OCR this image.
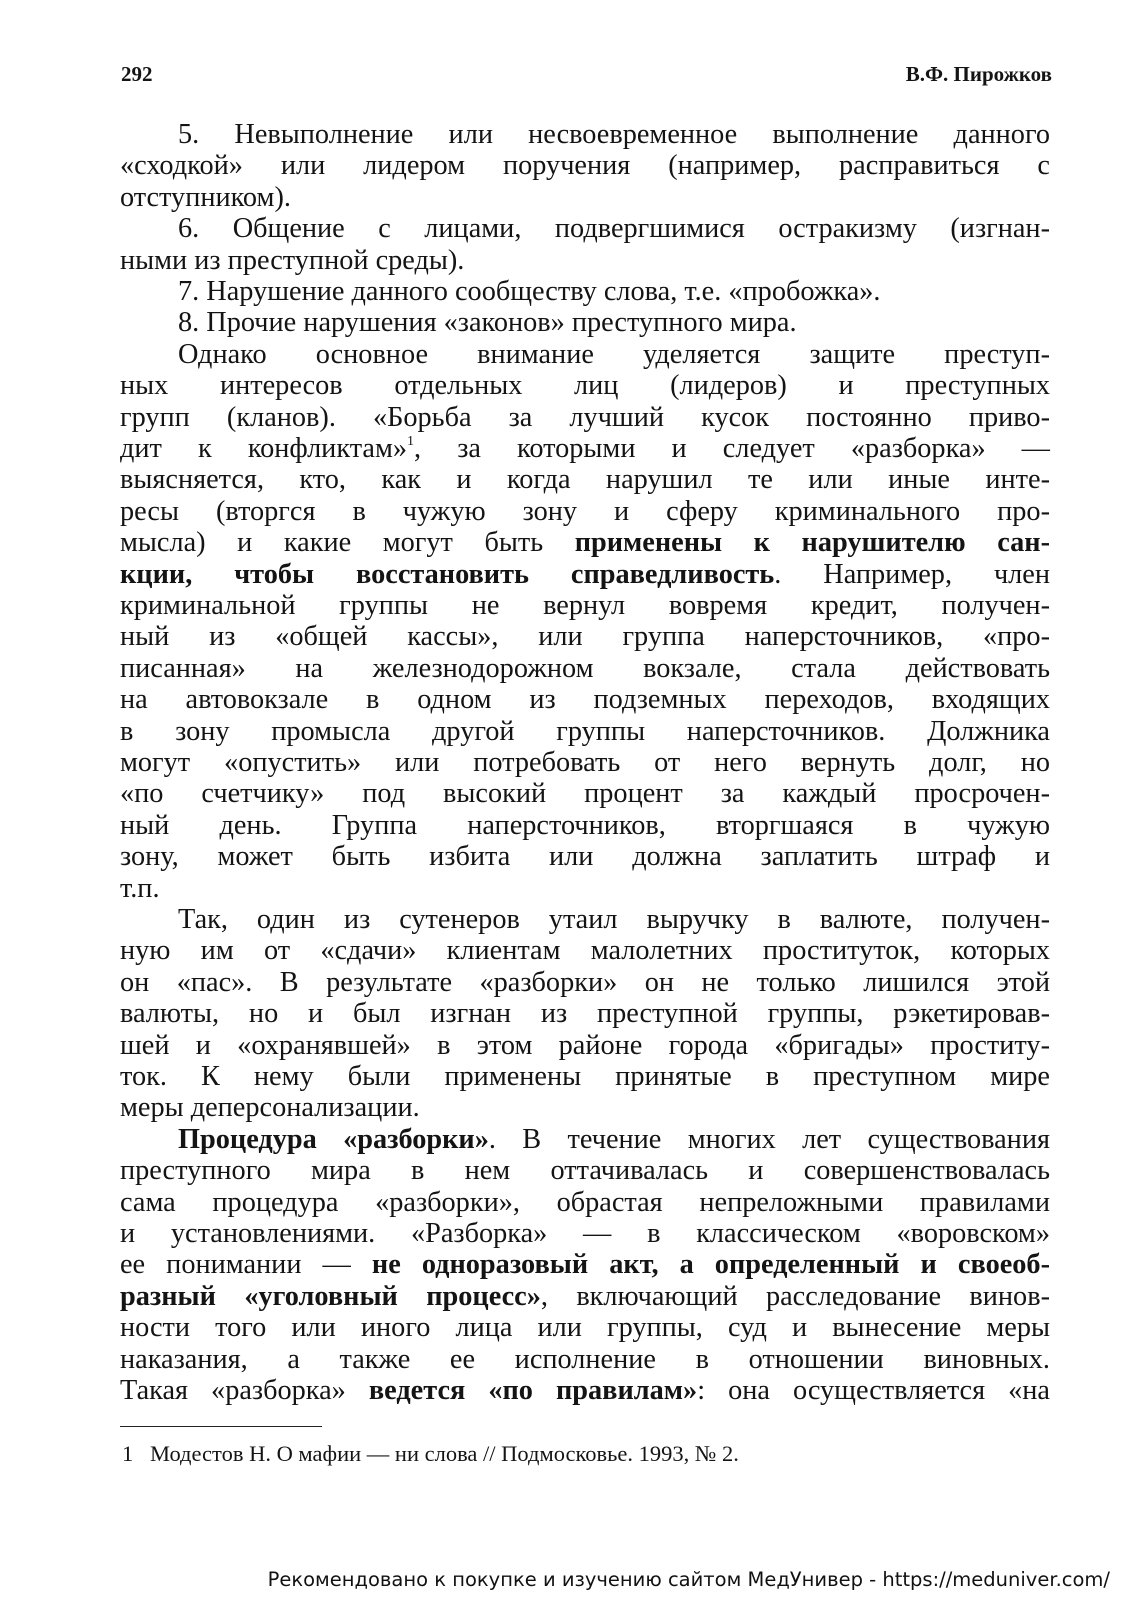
292	В.Ф. Пирожков
5. Невыполнение или несвоевременное выполнение данного
«сходкой» или лидером поручения (например, расправиться с
отступником).
6. Общение с лицами, подвергшимися остракизму (изгнан-
ными из преступной среды).
7. Нарушение данного сообществу слова, т.е. «пробожка».
8. Прочие нарушения «законов» преступного мира.
Однако основное внимание уделяется защите преступ-
ных интересов отдельных лиц (лидеров) и преступных
групп (кланов). «Борьба за лучший кусок постоянно приво-
дит к конфликтам»$^1$, за которыми и следует «разборка» —
выясняется, кто, как и когда нарушил те или иные инте-
ресы (вторгся в чужую зону и сферу криминального про-
мысла) и какие могут быть применены к нарушителю сан-
кции, чтобы восстановить справедливость. Например, член
криминальной группы не вернул вовремя кредит, получен-
ный из «общей кассы», или группа наперсточников, «про-
писанная» на железнодорожном вокзале, стала действовать
на автовокзале в одном из подземных переходов, входящих
в зону промысла другой группы наперсточников. Должника
могут «опустить» или потребовать от него вернуть долг, но
«по счетчику» под высокий процент за каждый просрочен-
ный день. Группа наперсточников, вторгшаяся в чужую
зону, может быть избита или должна заплатить штраф и
т.п.
Так, один из сутенеров утаил выручку в валюте, получен-
ную им от «сдачи» клиентам малолетних проституток, которых
он «пас». В результате «разборки» он не только лишился этой
валюты, но и был изгнан из преступной группы, рэкетировав-
шей и «охранявшей» в этом районе города «бригады» проститу-
ток. К нему были применены принятые в преступном мире
меры деперсонализации.
Процедура «разборки». В течение многих лет существования
преступного мира в нем оттачивалась и совершенствовалась
сама процедура «разборки», обрастая непреложными правилами
и установлениями. «Разборка» — в классическом «воровском»
ее понимании — не одноразовый акт, а определенный и своеоб-
разный «уголовный процесс», включающий расследование винов-
ности того или иного лица или группы, суд и вынесение меры
наказания, а также ее исполнение в отношении виновных.
Такая «разборка» ведется «по правилам»: она осуществляется «на
1 Модестов Н. О мафии — ни слова // Подмосковье. 1993, № 2.
Рекомендовано к покупке и изучению сайтом МедУнивер - https://meduniver.com/
